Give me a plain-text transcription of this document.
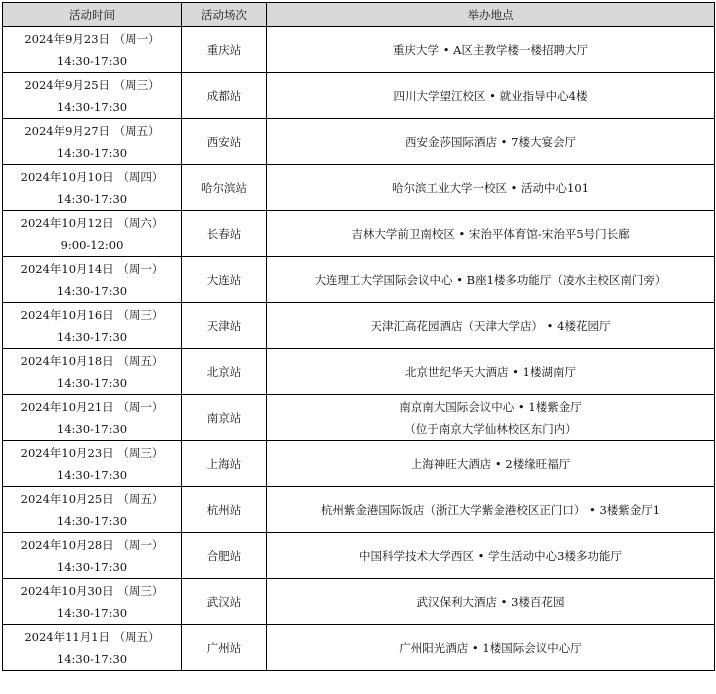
活动时间	活动场次	举办地点

2024年9月23日 （周一）
14:30-17:30	重庆站	重庆大学 • A区主教学楼一楼招聘大厅

2024年9月25日 （周三）
14:30-17:30	成都站	四川大学望江校区 • 就业指导中心4楼

2024年9月27日 （周五）
14:30-17:30	西安站	西安金莎国际酒店 • 7楼大宴会厅

2024年10月10日 （周四）
14:30-17:30	哈尔滨站	哈尔滨工业大学一校区 • 活动中心101

2024年10月12日 （周六）
9:00-12:00	长春站	吉林大学前卫南校区 • 宋治平体育馆-宋治平5号门长廊

2024年10月14日 （周一）
14:30-17:30	大连站	大连理工大学国际会议中心 • B座1楼多功能厅（凌水主校区南门旁）

2024年10月16日 （周三）
14:30-17:30	天津站	天津汇高花园酒店（天津大学店） • 4楼花园厅

2024年10月18日 （周五）
14:30-17:30	北京站	北京世纪华天大酒店 • 1楼湖南厅

2024年10月21日 （周一）
14:30-17:30	南京站	南京南大国际会议中心 • 1楼紫金厅
（位于南京大学仙林校区东门内）

2024年10月23日 （周三）
14:30-17:30	上海站	上海神旺大酒店 • 2楼缘旺福厅

2024年10月25日 （周五）
14:30-17:30	杭州站	杭州紫金港国际饭店（浙江大学紫金港校区正门口） • 3楼紫金厅1

2024年10月28日 （周一）
14:30-17:30	合肥站	中国科学技术大学西区 • 学生活动中心3楼多功能厅

2024年10月30日 （周三）
14:30-17:30	武汉站	武汉保利大酒店 • 3楼百花园

2024年11月1日 （周五）
14:30-17:30	广州站	广州阳光酒店 • 1楼国际会议中心厅
